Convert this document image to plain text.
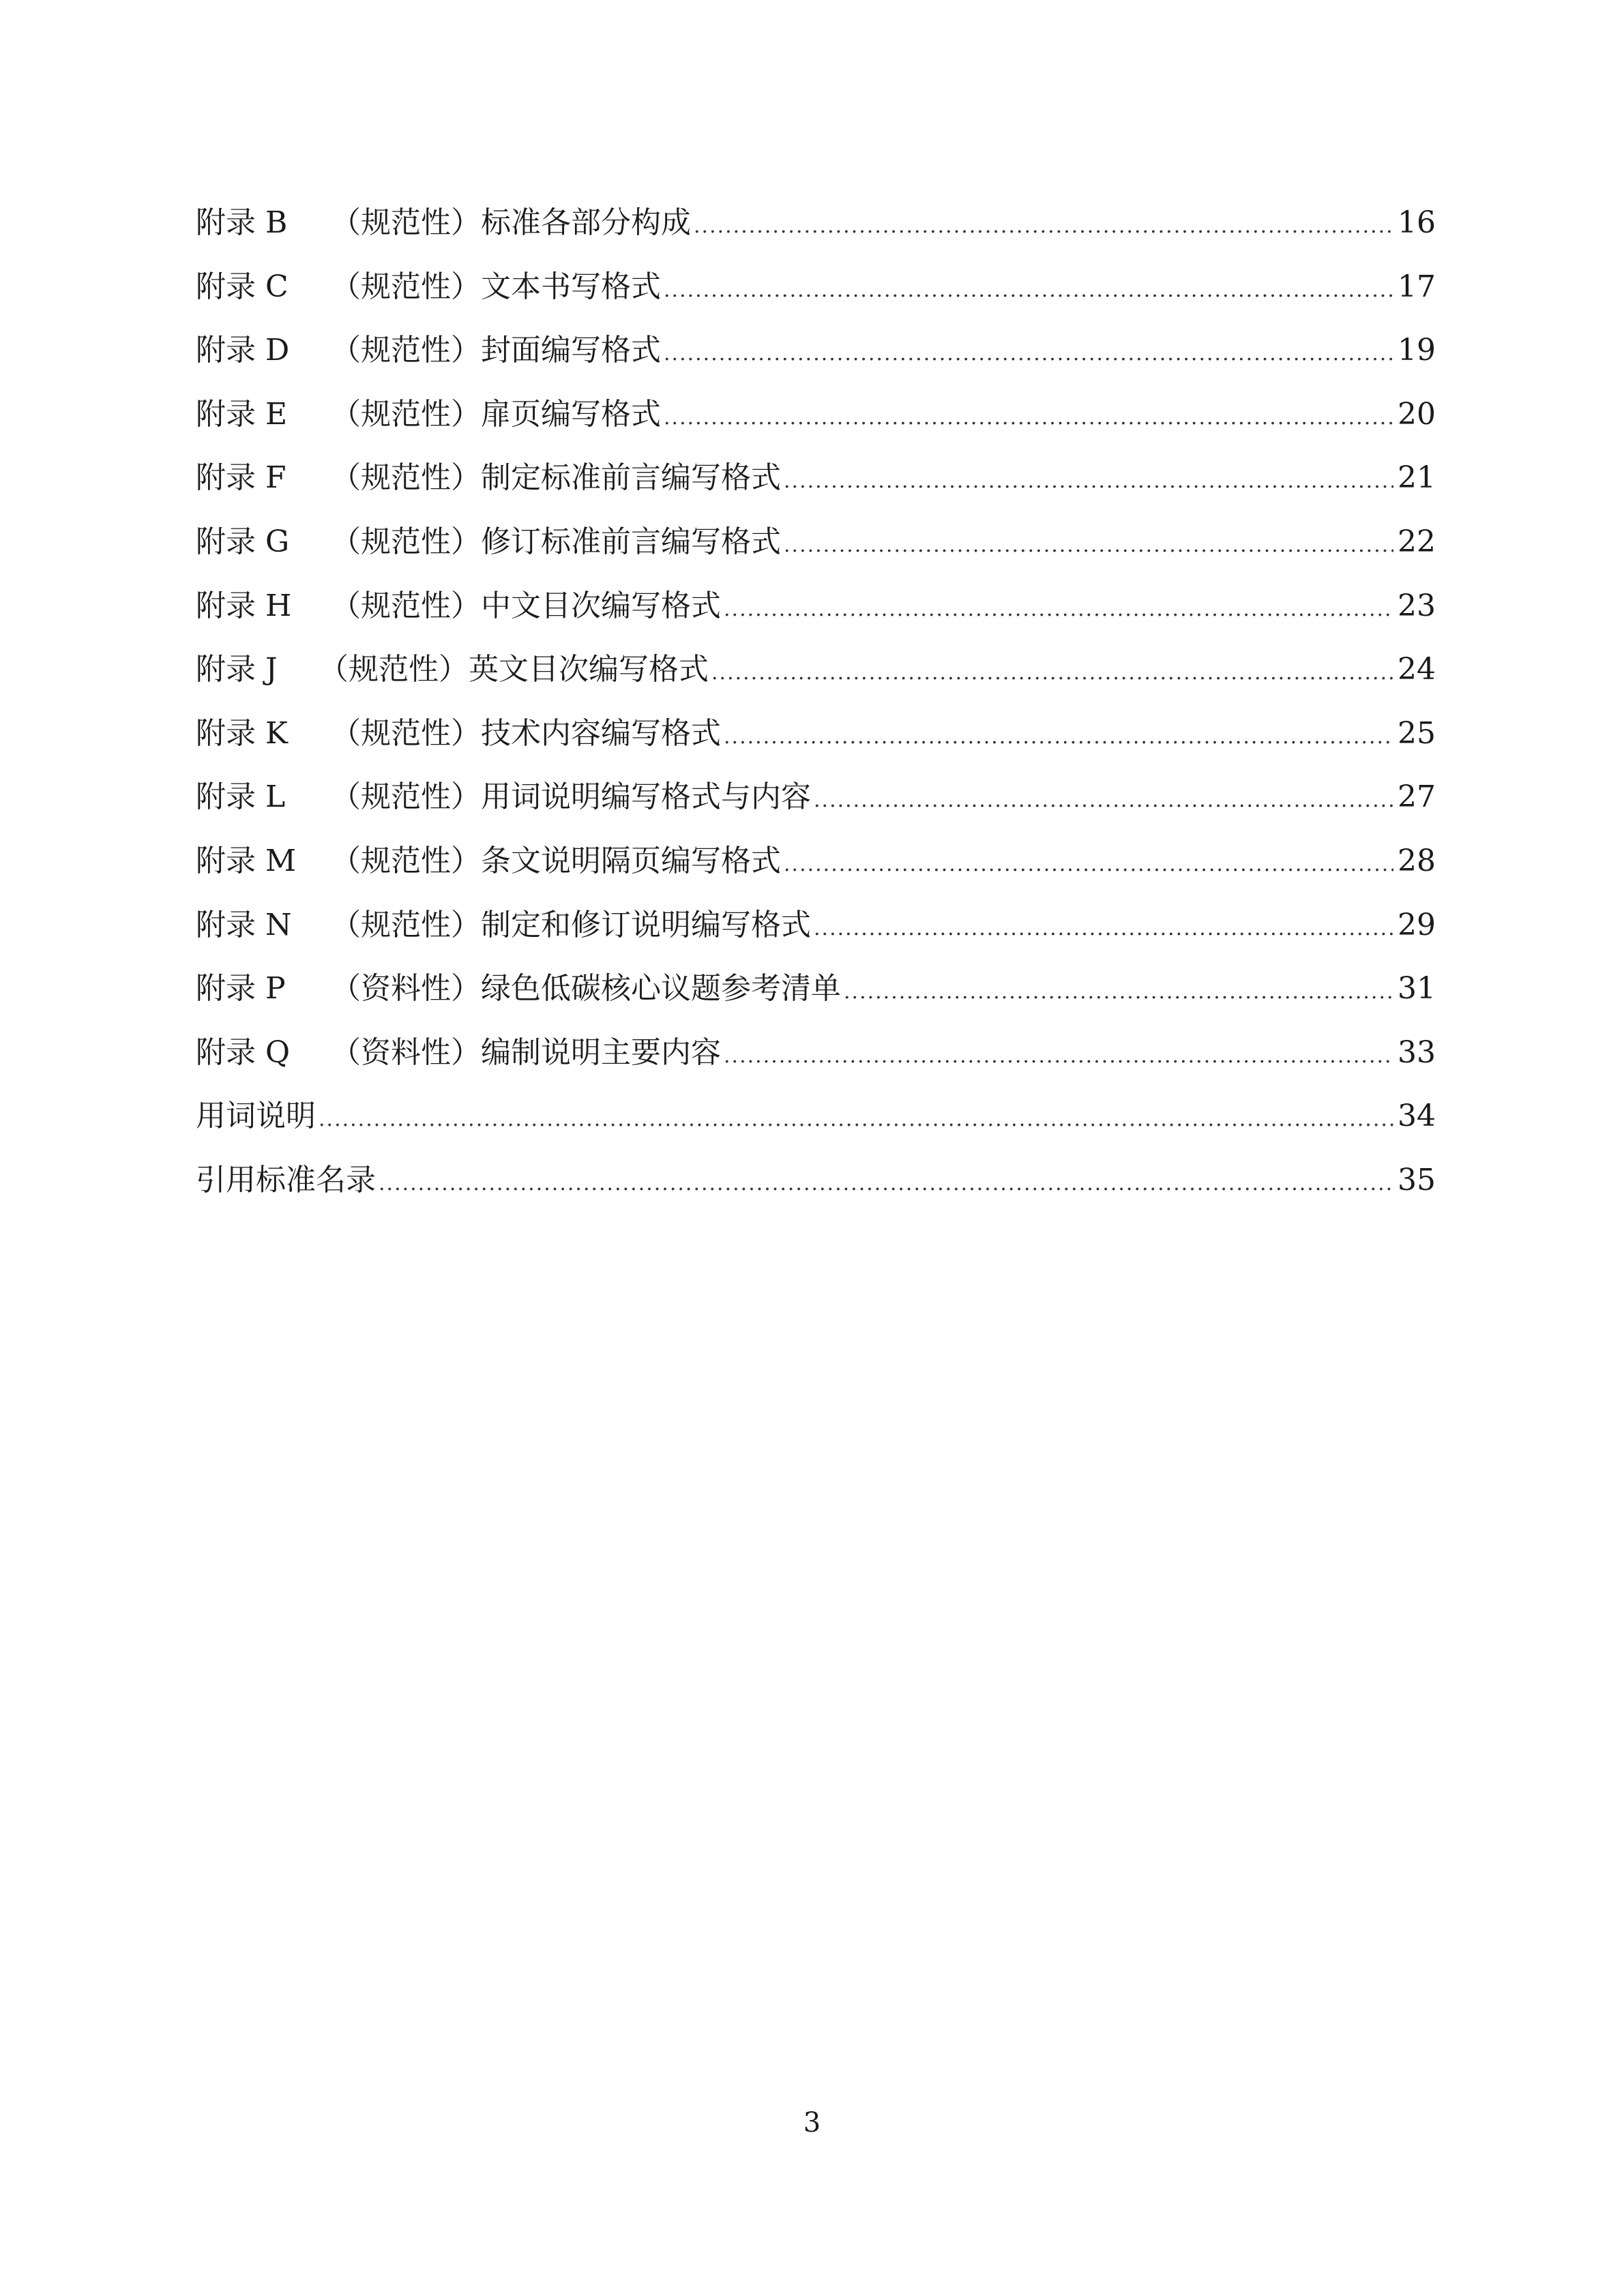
附录 B （规范性）标准各部分构成 .....	16
附录 C （规范性）文本书写格式 .....	17
附录 D （规范性）封面编写格式 .....	19
附录 E （规范性）扉页编写格式 .....	20
附录 F （规范性）制定标准前言编写格式 .....	21
附录 G （规范性）修订标准前言编写格式 .....	22
附录 H （规范性）中文目次编写格式 .....	23
附录 J （规范性）英文目次编写格式 .....	24
附录 K （规范性）技术内容编写格式 .....	25
附录 L （规范性）用词说明编写格式与内容 .....	27
附录 M （规范性）条文说明隔页编写格式 .....	28
附录 N （规范性）制定和修订说明编写格式 .....	29
附录 P （资料性）绿色低碳核心议题参考清单 .....	31
附录 Q （资料性）编制说明主要内容 .....	33
用词说明 .....	34
引用标准名录 .....	35
3
